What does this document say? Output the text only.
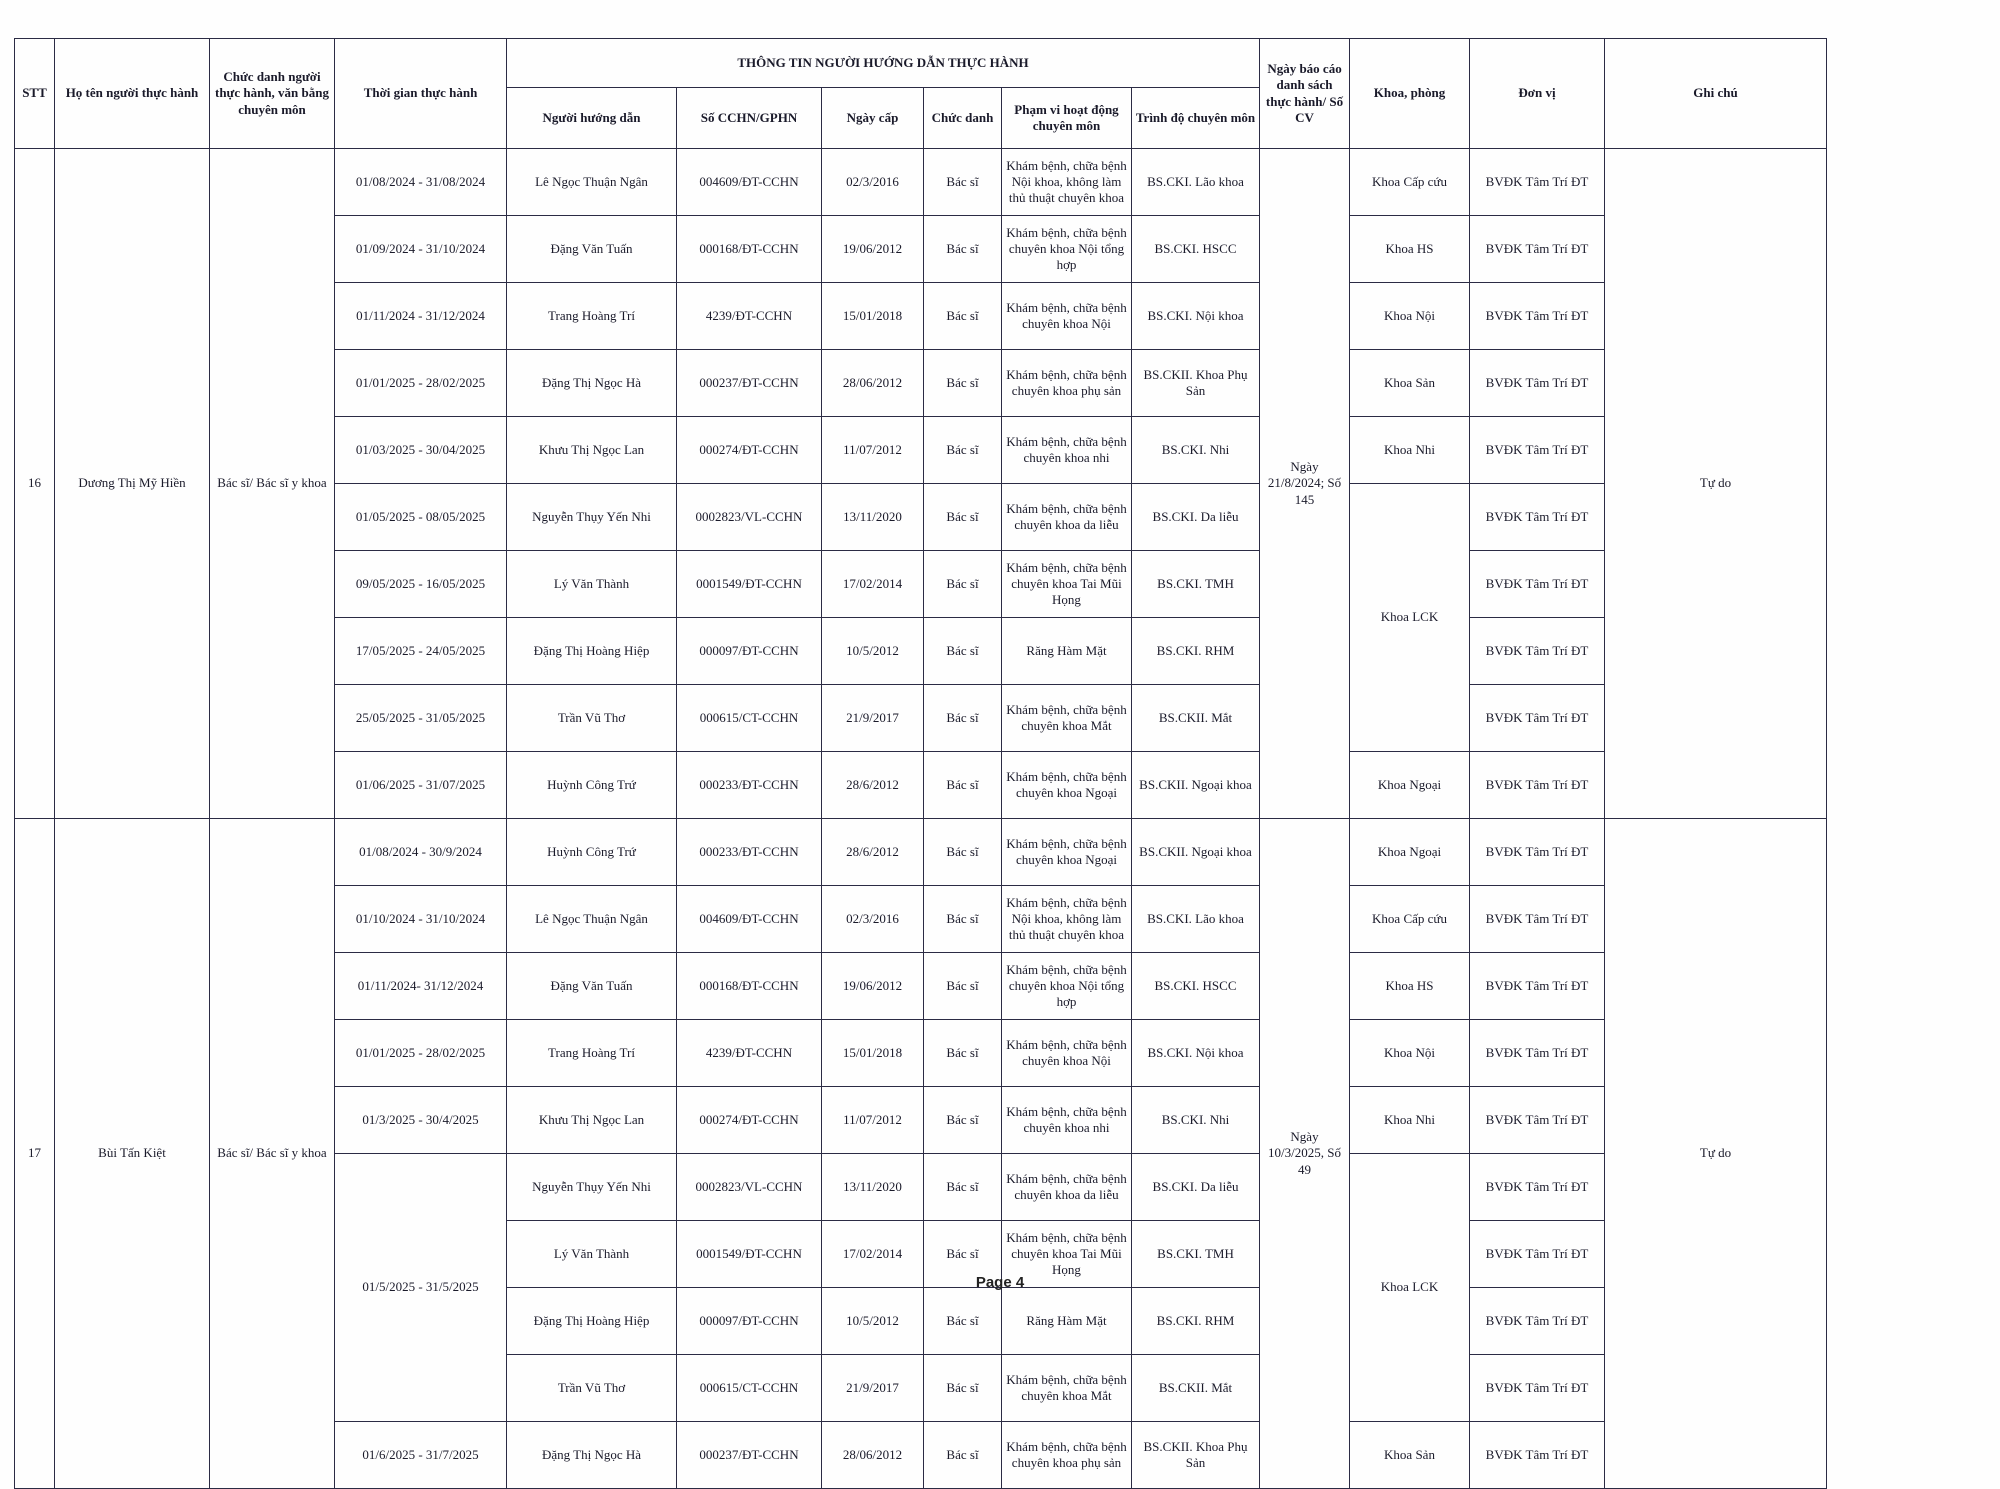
STT	Họ tên người thực hành	Chức danh người thực hành, văn bằng chuyên môn	Thời gian thực hành	THÔNG TIN NGƯỜI HƯỚNG DẪN THỰC HÀNH						Ngày báo cáo danh sách thực hành/ Số CV	Khoa, phòng	Đơn vị	Ghi chú
				Người hướng dẫn	Số CCHN/GPHN	Ngày cấp	Chức danh	Phạm vi hoạt động chuyên môn	Trình độ chuyên môn				
16	Dương Thị Mỹ Hiền	Bác sĩ/ Bác sĩ y khoa	01/08/2024 - 31/08/2024	Lê Ngọc Thuận Ngân	004609/ĐT-CCHN	02/3/2016	Bác sĩ	Khám bệnh, chữa bệnh Nội khoa, không làm thủ thuật chuyên khoa	BS.CKI. Lão khoa	Ngày 21/8/2024; Số 145	Khoa Cấp cứu	BVĐK Tâm Trí ĐT	Tự do
			01/09/2024 - 31/10/2024	Đặng Văn Tuấn	000168/ĐT-CCHN	19/06/2012	Bác sĩ	Khám bệnh, chữa bệnh chuyên khoa Nội tổng hợp	BS.CKI. HSCC		Khoa HS	BVĐK Tâm Trí ĐT	
			01/11/2024 - 31/12/2024	Trang Hoàng Trí	4239/ĐT-CCHN	15/01/2018	Bác sĩ	Khám bệnh, chữa bệnh chuyên khoa Nội	BS.CKI. Nội khoa		Khoa Nội	BVĐK Tâm Trí ĐT	
			01/01/2025 - 28/02/2025	Đặng Thị Ngọc Hà	000237/ĐT-CCHN	28/06/2012	Bác sĩ	Khám bệnh, chữa bệnh chuyên khoa phụ sản	BS.CKII. Khoa Phụ Sản		Khoa Sản	BVĐK Tâm Trí ĐT	
			01/03/2025 - 30/04/2025	Khưu Thị Ngọc Lan	000274/ĐT-CCHN	11/07/2012	Bác sĩ	Khám bệnh, chữa bệnh chuyên khoa nhi	BS.CKI. Nhi		Khoa Nhi	BVĐK Tâm Trí ĐT	
			01/05/2025 - 08/05/2025	Nguyễn Thụy Yến Nhi	0002823/VL-CCHN	13/11/2020	Bác sĩ	Khám bệnh, chữa bệnh chuyên khoa da liễu	BS.CKI. Da liễu		Khoa LCK	BVĐK Tâm Trí ĐT	
			09/05/2025 - 16/05/2025	Lý Văn Thành	0001549/ĐT-CCHN	17/02/2014	Bác sĩ	Khám bệnh, chữa bệnh chuyên khoa Tai Mũi Họng	BS.CKI. TMH			BVĐK Tâm Trí ĐT	
			17/05/2025 - 24/05/2025	Đặng Thị Hoàng Hiệp	000097/ĐT-CCHN	10/5/2012	Bác sĩ	Răng Hàm Mặt	BS.CKI. RHM			BVĐK Tâm Trí ĐT	
			25/05/2025 - 31/05/2025	Trần Vũ Thơ	000615/CT-CCHN	21/9/2017	Bác sĩ	Khám bệnh, chữa bệnh chuyên khoa Mắt	BS.CKII. Mắt			BVĐK Tâm Trí ĐT	
			01/06/2025 - 31/07/2025	Huỳnh Công Trứ	000233/ĐT-CCHN	28/6/2012	Bác sĩ	Khám bệnh, chữa bệnh chuyên khoa Ngoại	BS.CKII. Ngoại khoa		Khoa Ngoại	BVĐK Tâm Trí ĐT	
17	Bùi Tấn Kiệt	Bác sĩ/ Bác sĩ y khoa	01/08/2024 - 30/9/2024	Huỳnh Công Trứ	000233/ĐT-CCHN	28/6/2012	Bác sĩ	Khám bệnh, chữa bệnh chuyên khoa Ngoại	BS.CKII. Ngoại khoa	Ngày 10/3/2025, Số 49	Khoa Ngoại	BVĐK Tâm Trí ĐT	Tự do
			01/10/2024 - 31/10/2024	Lê Ngọc Thuận Ngân	004609/ĐT-CCHN	02/3/2016	Bác sĩ	Khám bệnh, chữa bệnh Nội khoa, không làm thủ thuật chuyên khoa	BS.CKI. Lão khoa		Khoa Cấp cứu	BVĐK Tâm Trí ĐT	
			01/11/2024- 31/12/2024	Đặng Văn Tuấn	000168/ĐT-CCHN	19/06/2012	Bác sĩ	Khám bệnh, chữa bệnh chuyên khoa Nội tổng hợp	BS.CKI. HSCC		Khoa HS	BVĐK Tâm Trí ĐT	
			01/01/2025 - 28/02/2025	Trang Hoàng Trí	4239/ĐT-CCHN	15/01/2018	Bác sĩ	Khám bệnh, chữa bệnh chuyên khoa Nội	BS.CKI. Nội khoa		Khoa Nội	BVĐK Tâm Trí ĐT	
			01/3/2025 - 30/4/2025	Khưu Thị Ngọc Lan	000274/ĐT-CCHN	11/07/2012	Bác sĩ	Khám bệnh, chữa bệnh chuyên khoa nhi	BS.CKI. Nhi		Khoa Nhi	BVĐK Tâm Trí ĐT	
			01/5/2025 - 31/5/2025	Nguyễn Thụy Yến Nhi	0002823/VL-CCHN	13/11/2020	Bác sĩ	Khám bệnh, chữa bệnh chuyên khoa da liễu	BS.CKI. Da liễu		Khoa LCK	BVĐK Tâm Trí ĐT	
				Lý Văn Thành	0001549/ĐT-CCHN	17/02/2014	Bác sĩ	Khám bệnh, chữa bệnh chuyên khoa Tai Mũi Họng	BS.CKI. TMH			BVĐK Tâm Trí ĐT	
				Đặng Thị Hoàng Hiệp	000097/ĐT-CCHN	10/5/2012	Bác sĩ	Răng Hàm Mặt	BS.CKI. RHM			BVĐK Tâm Trí ĐT	
				Trần Vũ Thơ	000615/CT-CCHN	21/9/2017	Bác sĩ	Khám bệnh, chữa bệnh chuyên khoa Mắt	BS.CKII. Mắt			BVĐK Tâm Trí ĐT	
			01/6/2025 - 31/7/2025	Đặng Thị Ngọc Hà	000237/ĐT-CCHN	28/06/2012	Bác sĩ	Khám bệnh, chữa bệnh chuyên khoa phụ sản	BS.CKII. Khoa Phụ Sản		Khoa Sản	BVĐK Tâm Trí ĐT	
Page 4
